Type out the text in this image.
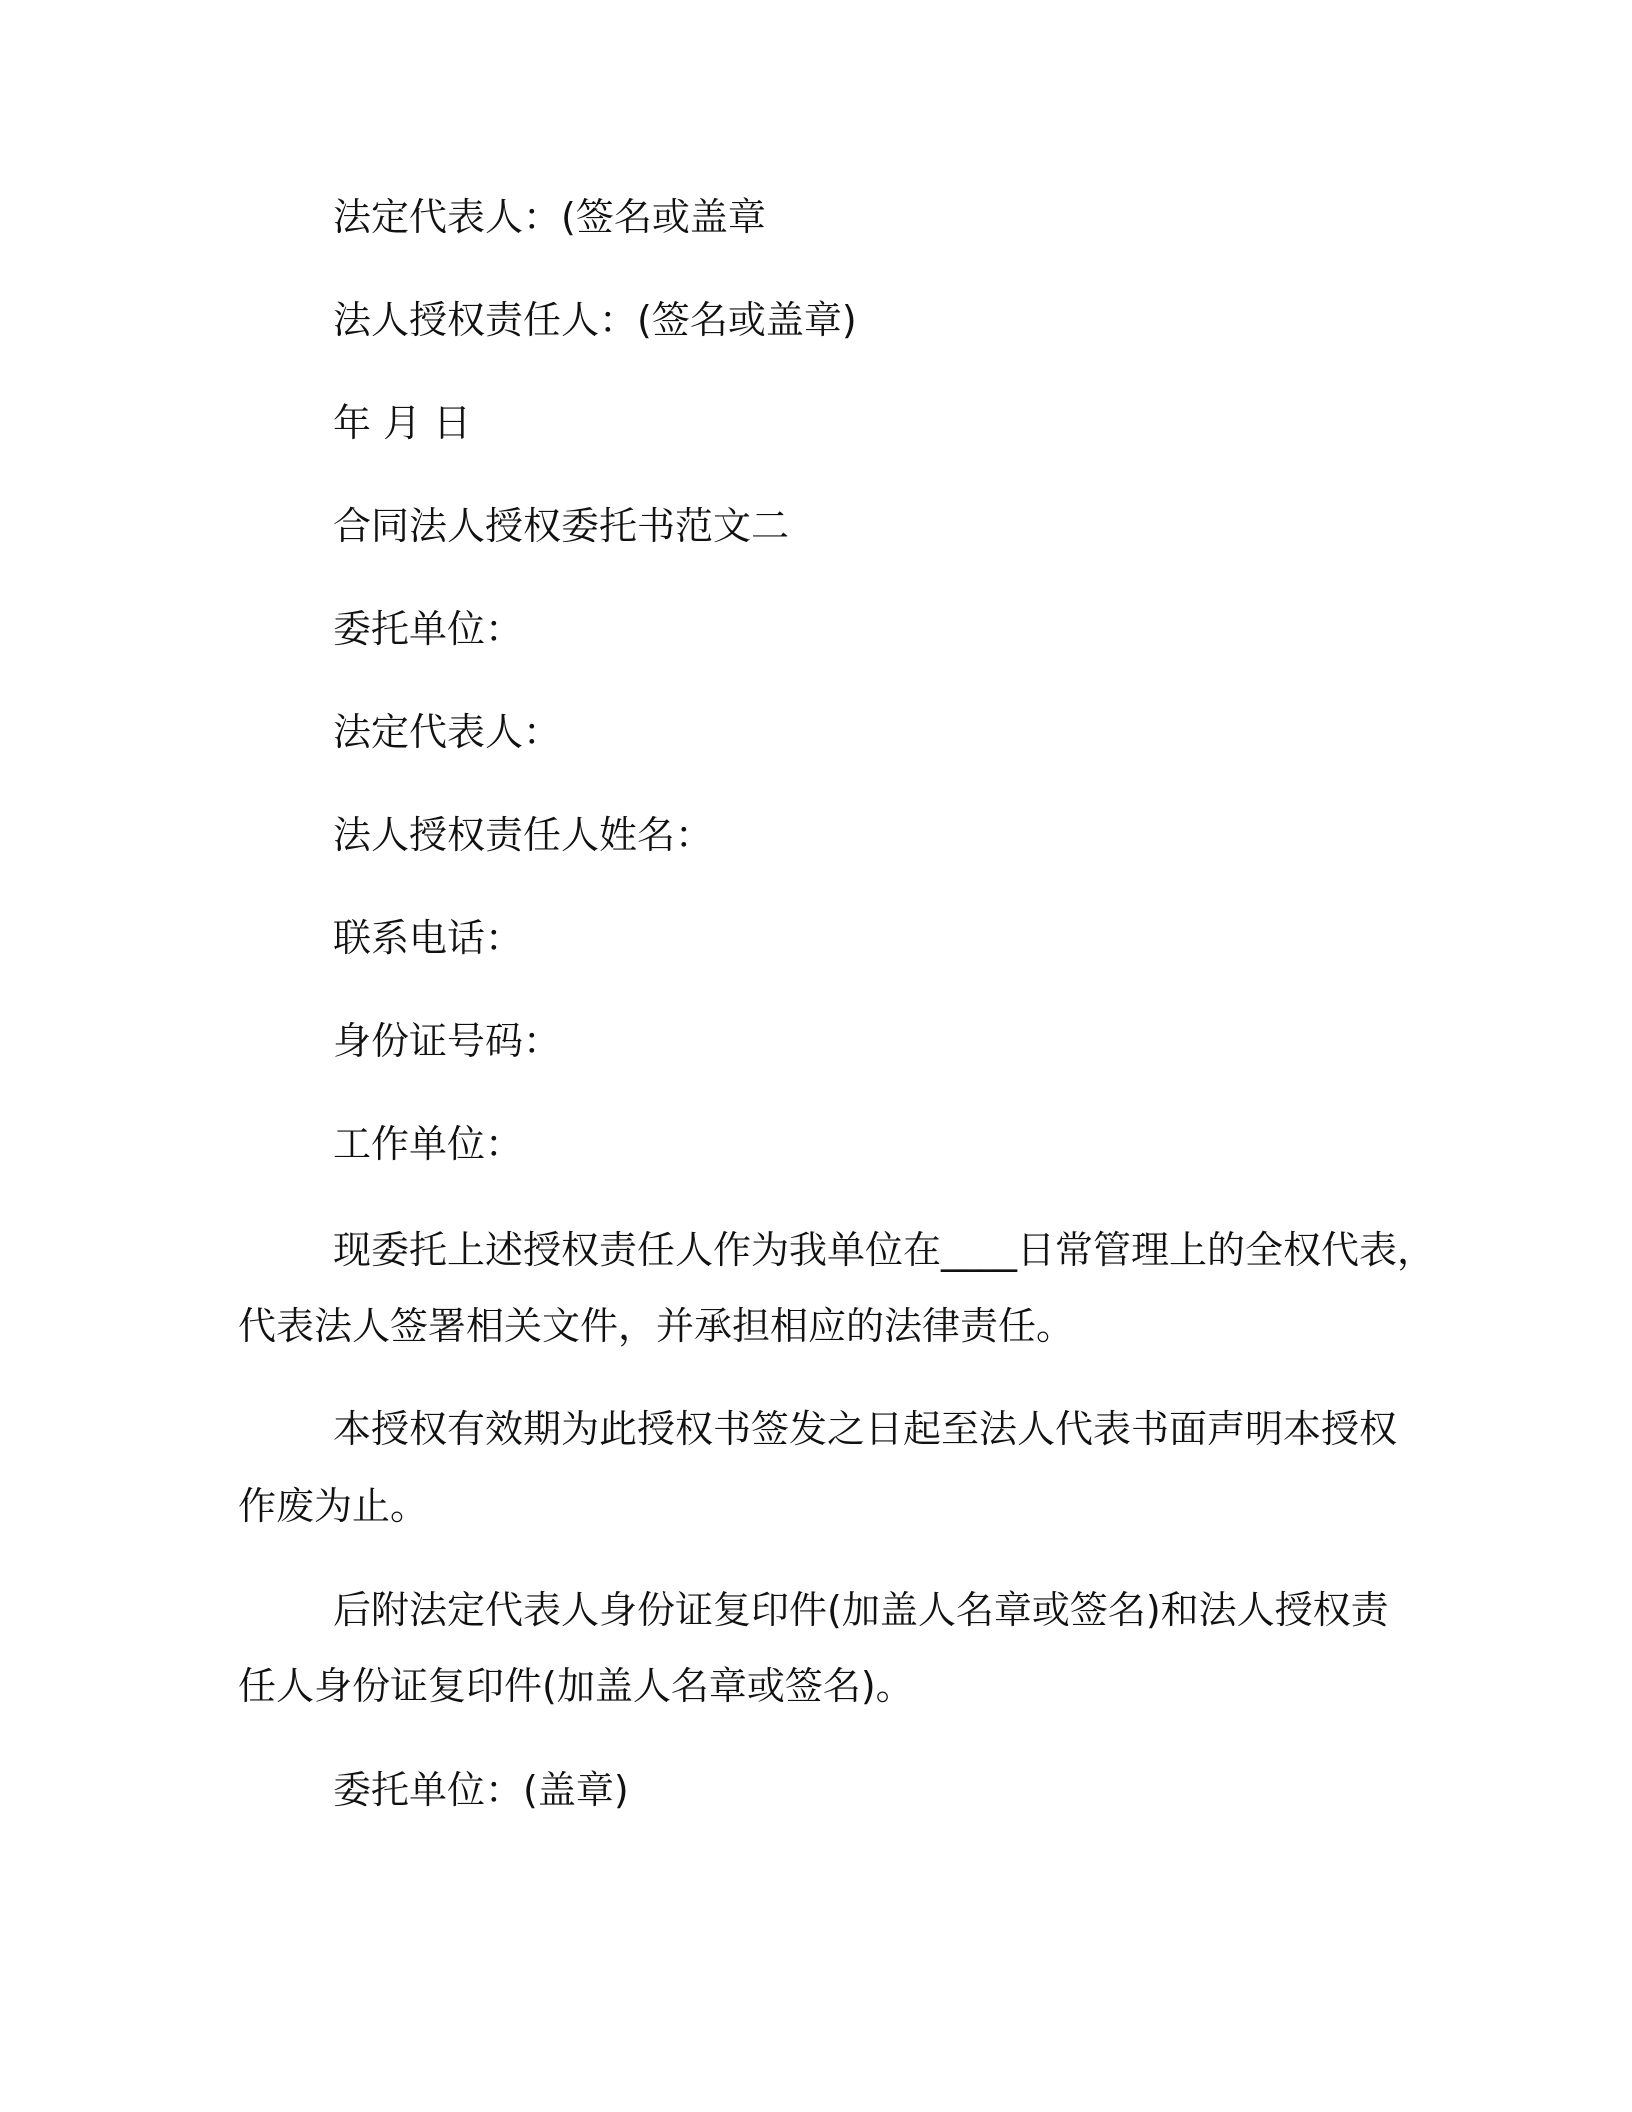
法定代表人：(签名或盖章
法人授权责任人：(签名或盖章)
年 月 日
合同法人授权委托书范文二
委托单位：
法定代表人：
法人授权责任人姓名：
联系电话：
身份证号码：
工作单位：
现委托上述授权责任人作为我单位在____日常管理上的全权代表，
代表法人签署相关文件，并承担相应的法律责任。
本授权有效期为此授权书签发之日起至法人代表书面声明本授权
作废为止。
后附法定代表人身份证复印件(加盖人名章或签名)和法人授权责
任人身份证复印件(加盖人名章或签名)。
委托单位：(盖章)
